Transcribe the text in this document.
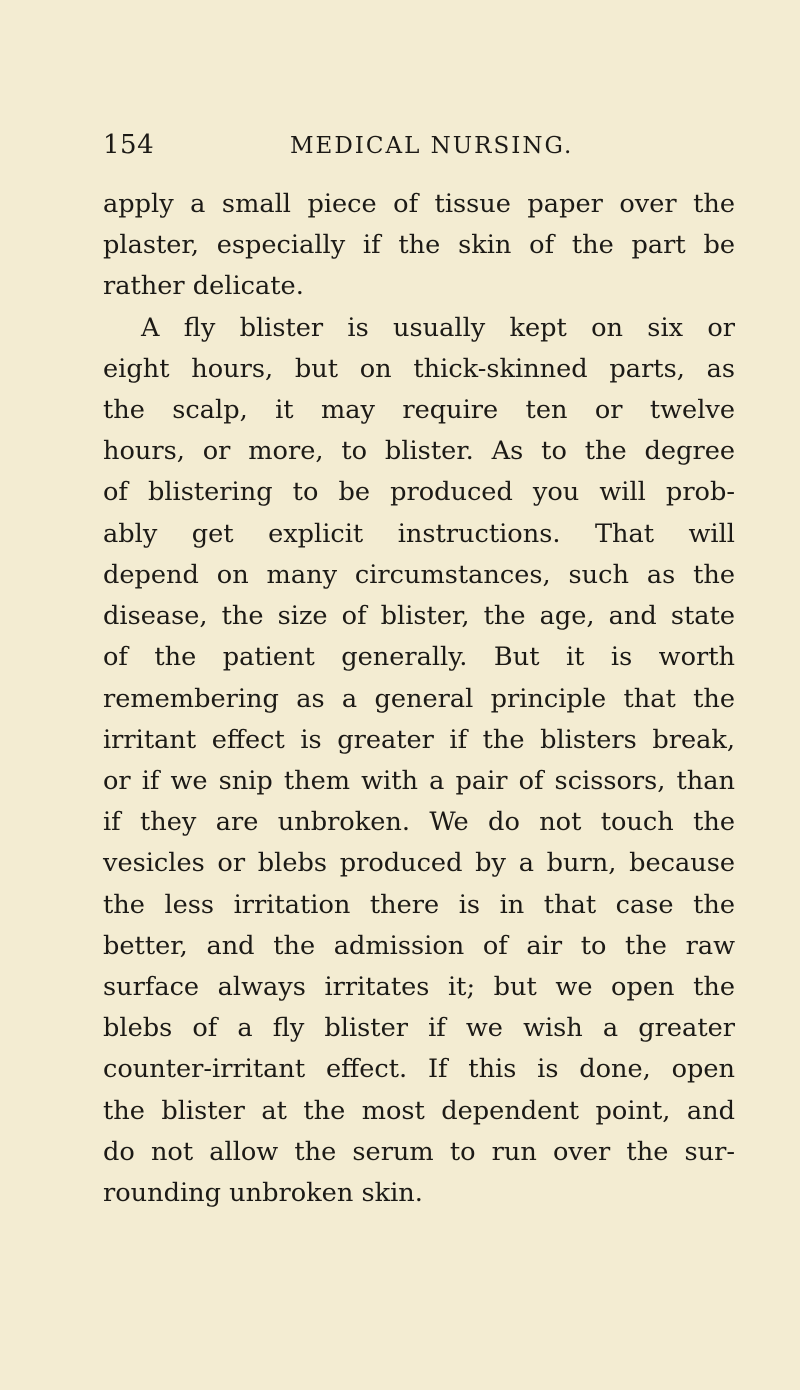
154	MEDICAL NURSING.
apply a small piece of tissue paper over the
plaster, especially if the skin of the part be
rather delicate.
A fly blister is usually kept on six or
eight hours, but on thick-skinned parts, as
the scalp, it may require ten or twelve
hours, or more, to blister. As to the degree
of blistering to be produced you will prob-
ably get explicit instructions. That will
depend on many circumstances, such as the
disease, the size of blister, the age, and state
of the patient generally. But it is worth
remembering as a general principle that the
irritant effect is greater if the blisters break,
or if we snip them with a pair of scissors, than
if they are unbroken. We do not touch the
vesicles or blebs produced by a burn, because
the less irritation there is in that case the
better, and the admission of air to the raw
surface always irritates it; but we open the
blebs of a fly blister if we wish a greater
counter-irritant effect. If this is done, open
the blister at the most dependent point, and
do not allow the serum to run over the sur-
rounding unbroken skin.
